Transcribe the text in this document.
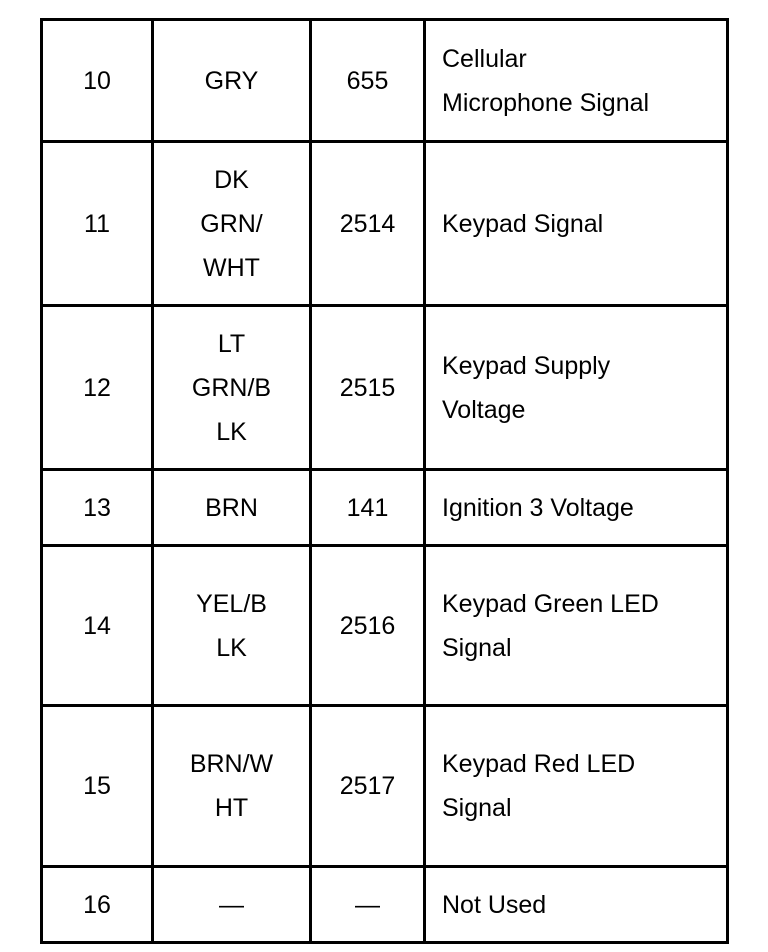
10	GRY	655	Cellular
Microphone Signal

11	DK
GRN/
WHT	2514	Keypad Signal

12	LT
GRN/B
LK	2515	Keypad Supply
Voltage

13	BRN	141	Ignition 3 Voltage

14	YEL/B
LK	2516	Keypad Green LED
Signal

15	BRN/W
HT	2517	Keypad Red LED
Signal

16	—	—	Not Used
